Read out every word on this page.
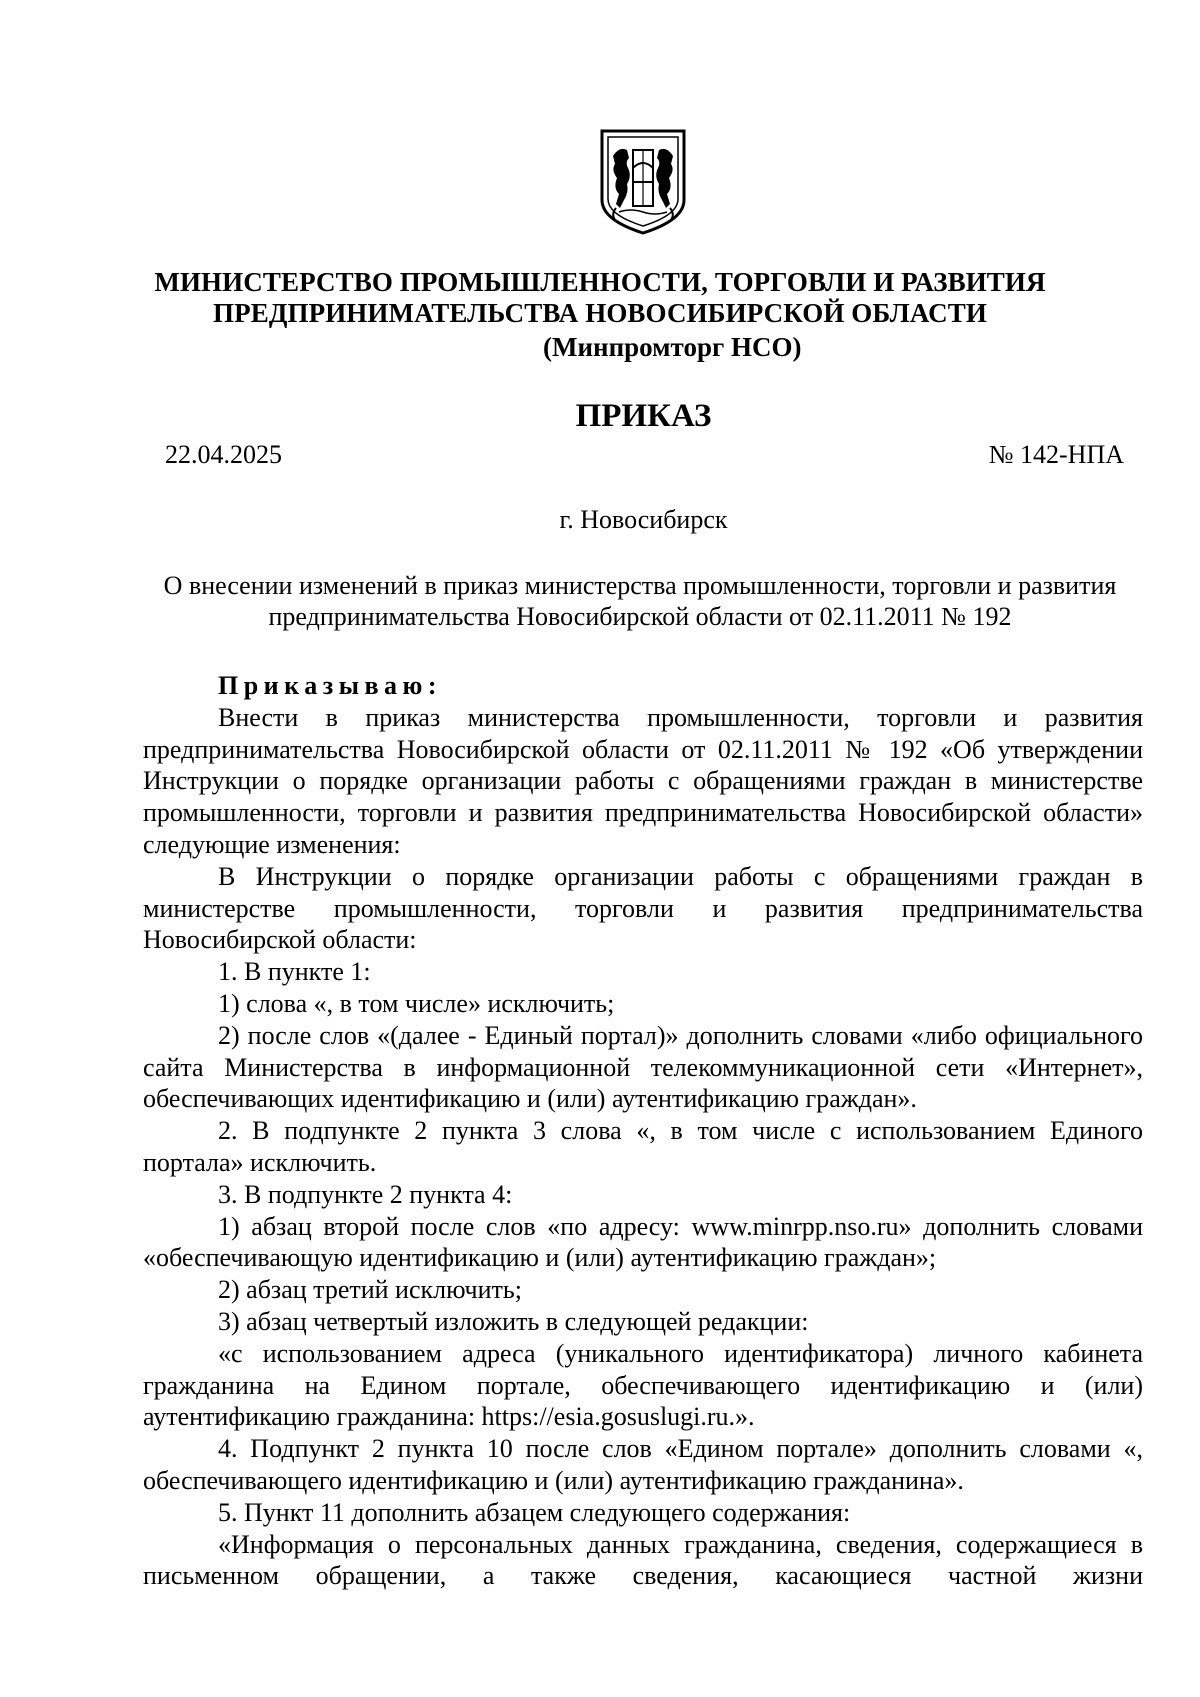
МИНИСТЕРСТВО ПРОМЫШЛЕННОСТИ, ТОРГОВЛИ И РАЗВИТИЯ
ПРЕДПРИНИМАТЕЛЬСТВА НОВОСИБИРСКОЙ ОБЛАСТИ
(Минпромторг НСО)
ПРИКАЗ
22.04.2025	№ 142-НПА
г. Новосибирск
О внесении изменений в приказ министерства промышленности, торговли и развития предпринимательства Новосибирской области от 02.11.2011 № 192

Приказываю:

Внести в приказ министерства промышленности, торговли и развития предпринимательства Новосибирской области от 02.11.2011 № 192 «Об утверждении Инструкции о порядке организации работы с обращениями граждан в министерстве промышленности, торговли и развития предпринимательства Новосибирской области» следующие изменения:

В Инструкции о порядке организации работы с обращениями граждан в министерстве промышленности, торговли и развития предпринимательства Новосибирской области:

1. В пункте 1:

1) слова «, в том числе» исключить;

2) после слов «(далее - Единый портал)» дополнить словами «либо официального сайта Министерства в информационной телекоммуникационной сети «Интернет», обеспечивающих идентификацию и (или) аутентификацию граждан».

2. В подпункте 2 пункта 3 слова «, в том числе с использованием Единого портала» исключить.

3. В подпункте 2 пункта 4:

1) абзац второй после слов «по адресу: www.minrpp.nso.ru» дополнить словами «обеспечивающую идентификацию и (или) аутентификацию граждан»;

2) абзац третий исключить;

3) абзац четвертый изложить в следующей редакции:

«с использованием адреса (уникального идентификатора) личного кабинета гражданина на Едином портале, обеспечивающего идентификацию и (или) аутентификацию гражданина: https://esia.gosuslugi.ru.».

4. Подпункт 2 пункта 10 после слов «Едином портале» дополнить словами «, обеспечивающего идентификацию и (или) аутентификацию гражданина».

5. Пункт 11 дополнить абзацем следующего содержания:

«Информация о персональных данных гражданина, сведения, содержащиеся в письменном обращении, а также сведения, касающиеся частной жизни
